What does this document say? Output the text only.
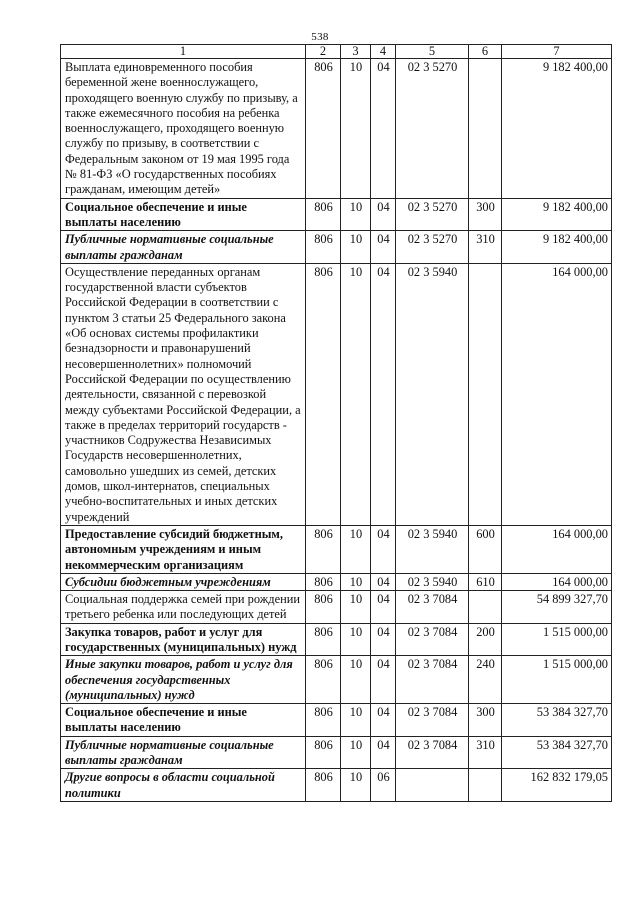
538
1	2	3	4	5	6	7
Выплата единовременного пособия беременной жене военнослужащего, проходящего военную службу по призыву, а также ежемесячного пособия на ребенка военнослужащего, проходящего военную службу по призыву, в соответствии с Федеральным законом от 19 мая 1995 года № 81-ФЗ «О государственных пособиях гражданам, имеющим детей»	806	10	04	02 3 5270		9 182 400,00
Социальное обеспечение и иные выплаты населению	806	10	04	02 3 5270	300	9 182 400,00
Публичные нормативные социальные выплаты гражданам	806	10	04	02 3 5270	310	9 182 400,00
Осуществление переданных органам государственной власти субъектов Российской Федерации в соответствии с пунктом 3 статьи 25 Федерального закона «Об основах системы профилактики безнадзорности и правонарушений несовершеннолетних» полномочий Российской Федерации по осуществлению деятельности, связанной с перевозкой между субъектами Российской Федерации, а также в пределах территорий государств - участников Содружества Независимых Государств несовершеннолетних, самовольно ушедших из семей, детских домов, школ-интернатов, специальных учебно-воспитательных и иных детских учреждений	806	10	04	02 3 5940		164 000,00
Предоставление субсидий бюджетным, автономным учреждениям и иным некоммерческим организациям	806	10	04	02 3 5940	600	164 000,00
Субсидии бюджетным учреждениям	806	10	04	02 3 5940	610	164 000,00
Социальная поддержка семей при рождении третьего ребенка или последующих детей	806	10	04	02 3 7084		54 899 327,70
Закупка товаров, работ и услуг для государственных (муниципальных) нужд	806	10	04	02 3 7084	200	1 515 000,00
Иные закупки товаров, работ и услуг для обеспечения государственных (муниципальных) нужд	806	10	04	02 3 7084	240	1 515 000,00
Социальное обеспечение и иные выплаты населению	806	10	04	02 3 7084	300	53 384 327,70
Публичные нормативные социальные выплаты гражданам	806	10	04	02 3 7084	310	53 384 327,70
Другие вопросы в области социальной политики	806	10	06			162 832 179,05
